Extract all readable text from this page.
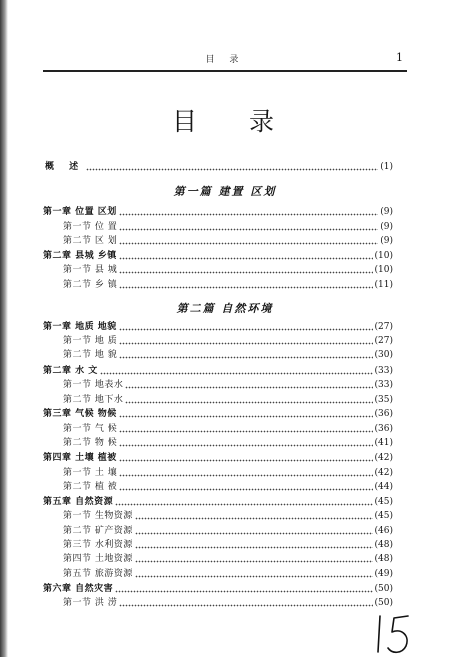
目 录	1
目 录
概 述	(1)
第一篇 建置 区划
第一章 位置 区划	(9)
第一节 位 置	(9)
第二节 区 划	(9)
第二章 县城 乡镇	(10)
第一节 县 城	(10)
第二节 乡 镇	(11)
第二篇 自然环境
第一章 地质 地貌	(27)
第一节 地 质	(27)
第二节 地 貌	(30)
第二章 水 文	(33)
第一节 地表水	(33)
第二节 地下水	(35)
第三章 气候 物候	(36)
第一节 气 候	(36)
第二节 物 候	(41)
第四章 土壤 植被	(42)
第一节 土 壤	(42)
第二节 植 被	(44)
第五章 自然资源	(45)
第一节 生物资源	(45)
第二节 矿产资源	(46)
第三节 水利资源	(48)
第四节 土地资源	(48)
第五节 旅游资源	(49)
第六章 自然灾害	(50)
第一节 洪 涝	(50)
